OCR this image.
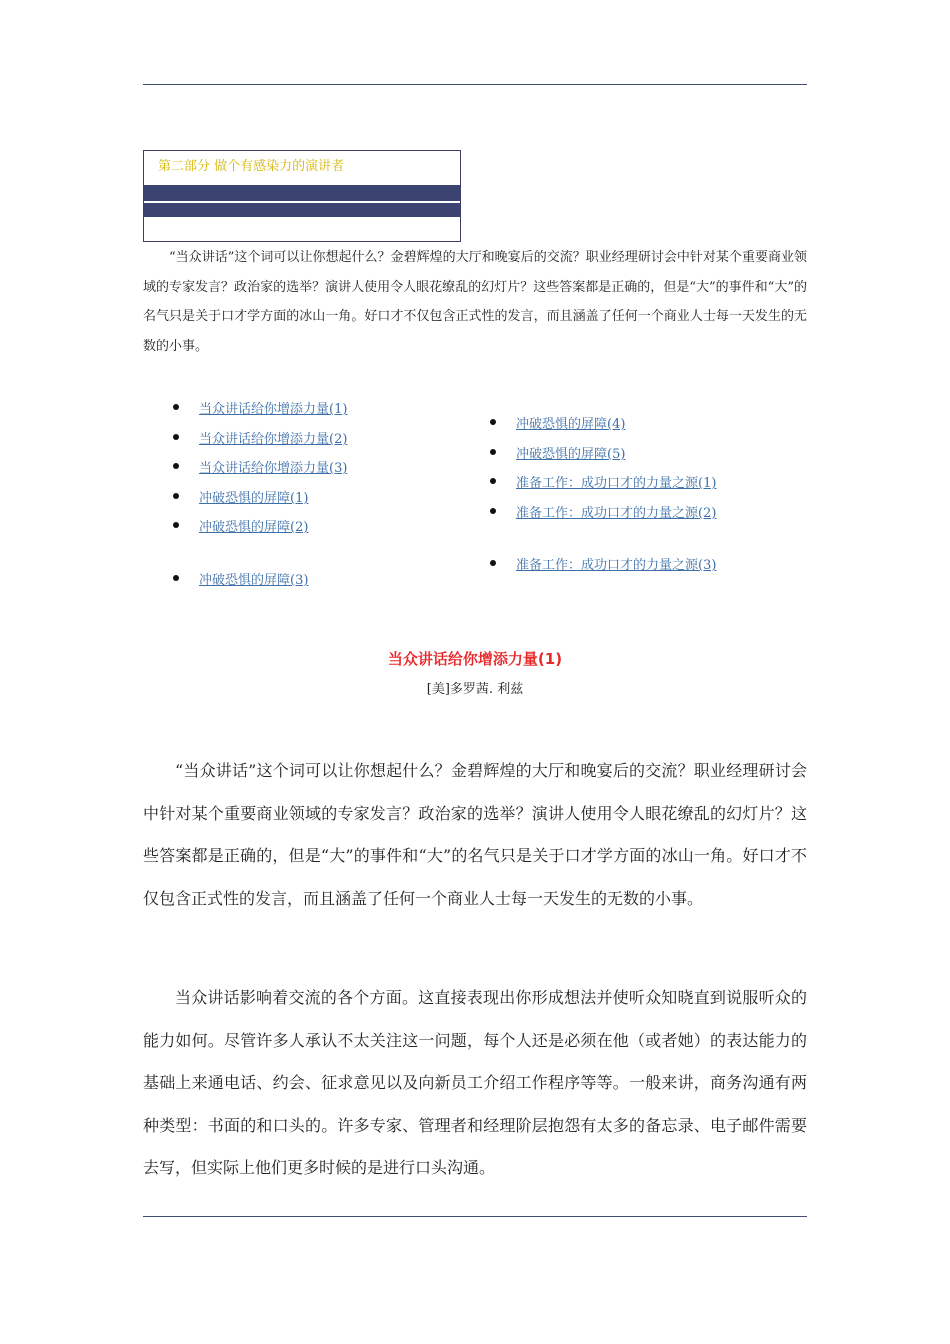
第二部分 做个有感染力的演讲者

“当众讲话”这个词可以让你想起什么？金碧辉煌的大厅和晚宴后的交流？职业经理研讨会中针对某个重要商业领域的专家发言？政治家的选举？演讲人使用令人眼花缭乱的幻灯片？这些答案都是正确的，但是“大”的事件和“大”的名气只是关于口才学方面的冰山一角。好口才不仅包含正式性的发言，而且涵盖了任何一个商业人士每一天发生的无数的小事。

当众讲话给你增添力量(1)
当众讲话给你增添力量(2)
当众讲话给你增添力量(3)
冲破恐惧的屏障(1)
冲破恐惧的屏障(2)
冲破恐惧的屏障(3)
冲破恐惧的屏障(4)
冲破恐惧的屏障(5)
准备工作：成功口才的力量之源(1)
准备工作：成功口才的力量之源(2)
准备工作：成功口才的力量之源(3)
当众讲话给你增添力量(1)
[美]多罗茜. 利兹

“当众讲话”这个词可以让你想起什么？金碧辉煌的大厅和晚宴后的交流？职业经理研讨会中针对某个重要商业领域的专家发言？政治家的选举？演讲人使用令人眼花缭乱的幻灯片？这些答案都是正确的，但是“大”的事件和“大”的名气只是关于口才学方面的冰山一角。好口才不仅包含正式性的发言，而且涵盖了任何一个商业人士每一天发生的无数的小事。

当众讲话影响着交流的各个方面。这直接表现出你形成想法并使听众知晓直到说服听众的能力如何。尽管许多人承认不太关注这一问题，每个人还是必须在他（或者她）的表达能力的基础上来通电话、约会、征求意见以及向新员工介绍工作程序等等。一般来讲，商务沟通有两种类型：书面的和口头的。许多专家、管理者和经理阶层抱怨有太多的备忘录、电子邮件需要去写，但实际上他们更多时候的是进行口头沟通。
